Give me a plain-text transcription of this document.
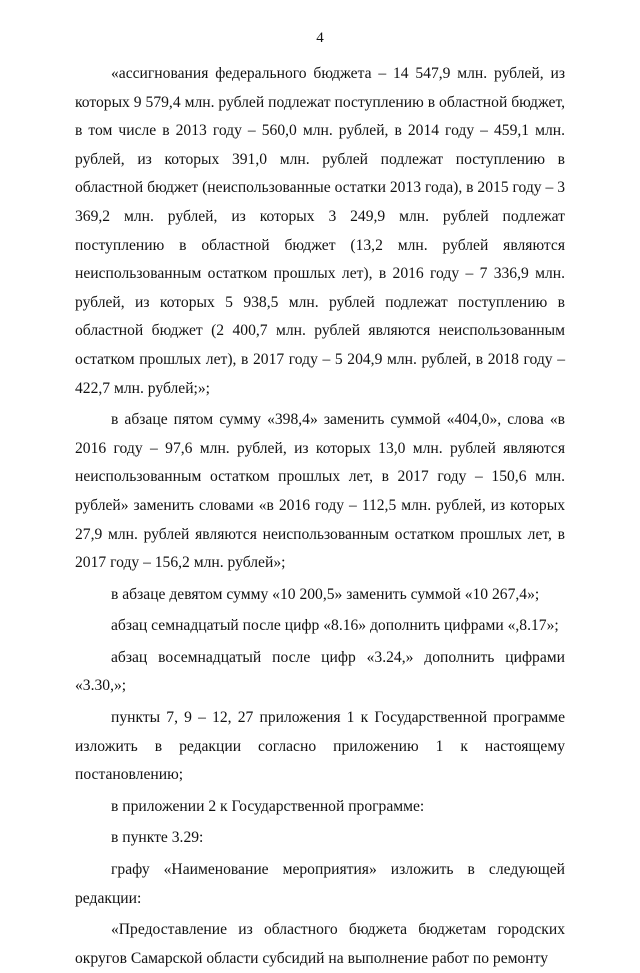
4

«ассигнования федерального бюджета – 14 547,9 млн. рублей, из которых 9 579,4 млн. рублей подлежат поступлению в областной бюджет, в том числе в 2013 году – 560,0 млн. рублей, в 2014 году – 459,1 млн. рублей, из которых 391,0 млн. рублей подлежат поступлению в областной бюджет (неиспользованные остатки 2013 года), в 2015 году – 3 369,2 млн. рублей, из которых 3 249,9 млн. рублей подлежат поступлению в областной бюджет (13,2 млн. рублей являются неиспользованным остатком прошлых лет), в 2016 году – 7 336,9 млн. рублей, из которых 5 938,5 млн. рублей подлежат поступлению в областной бюджет (2 400,7 млн. рублей являются неиспользованным остатком прошлых лет), в 2017 году – 5 204,9 млн. рублей, в 2018 году – 422,7 млн. рублей;»;

в абзаце пятом сумму «398,4» заменить суммой «404,0», слова «в 2016 году – 97,6 млн. рублей, из которых 13,0 млн. рублей являются неиспользованным остатком прошлых лет, в 2017 году – 150,6 млн. рублей» заменить словами «в 2016 году – 112,5 млн. рублей, из которых 27,9 млн. рублей являются неиспользованным остатком прошлых лет, в 2017 году – 156,2 млн. рублей»;

в абзаце девятом сумму «10 200,5» заменить суммой «10 267,4»;

абзац семнадцатый после цифр «8.16» дополнить цифрами «,8.17»;

абзац восемнадцатый после цифр «3.24,» дополнить цифрами «3.30,»;

пункты 7, 9 – 12, 27 приложения 1 к Государственной программе изложить в редакции согласно приложению 1 к настоящему постановлению;

в приложении 2 к Государственной программе:

в пункте 3.29:

графу «Наименование мероприятия» изложить в следующей редакции:

«Предоставление из областного бюджета бюджетам городских округов Самарской области субсидий на выполнение работ по ремонту
